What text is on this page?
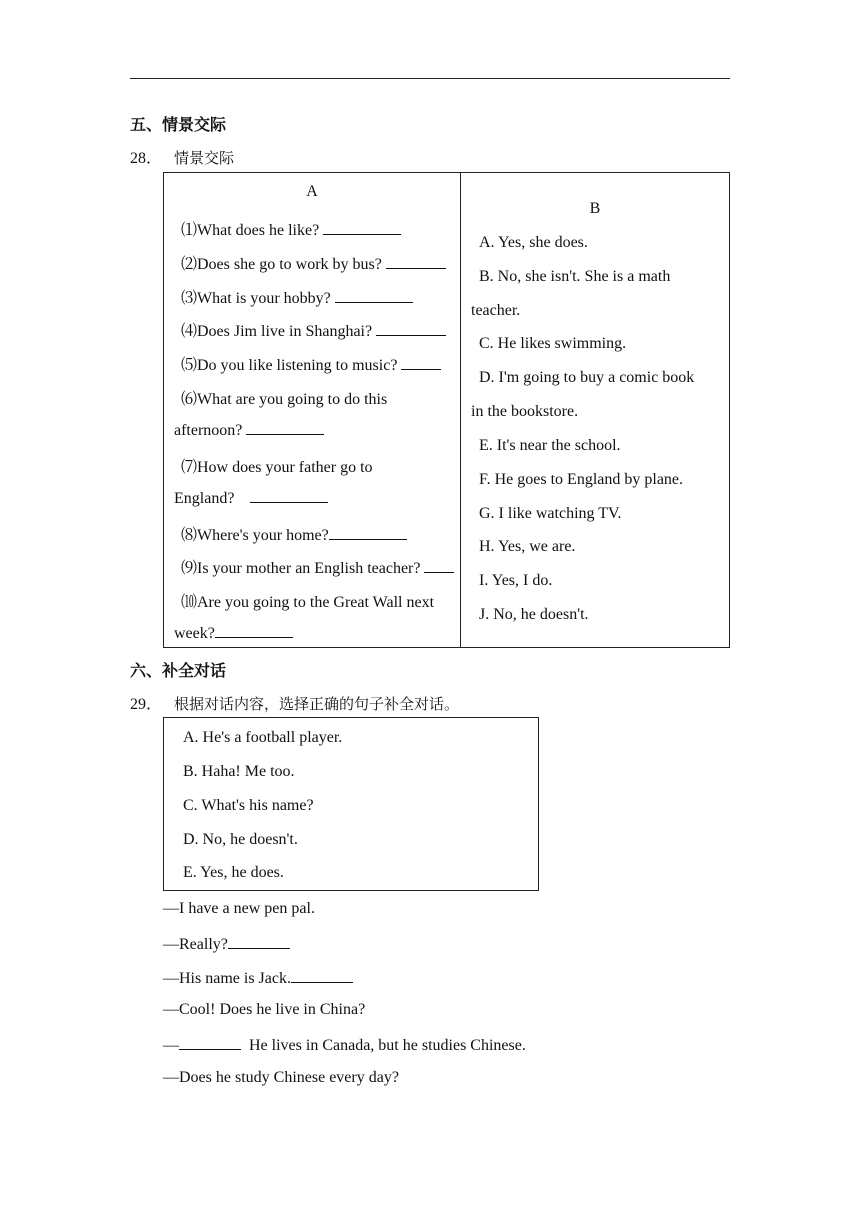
五、情景交际
28． 情景交际
A
⑴What does he like?
⑵Does she go to work by bus?
⑶What is your hobby?
⑷Does Jim live in Shanghai?
⑸Do you like listening to music?
⑹What are you going to do this
afternoon?
⑺How does your father go to
England?
⑻Where's your home?
⑼Is your mother an English teacher?
⑽Are you going to the Great Wall next
week?
B
A. Yes, she does.
B. No, she isn't. She is a math
teacher.
C. He likes swimming.
D. I'm going to buy a comic book
in the bookstore.
E. It's near the school.
F. He goes to England by plane.
G. I like watching TV.
H. Yes, we are.
I. Yes, I do.
J. No, he doesn't.
六、补全对话
29． 根据对话内容，选择正确的句子补全对话。
A. He's a football player.
B. Haha! Me too.
C. What's his name?
D. No, he doesn't.
E. Yes, he does.
—I have a new pen pal.
—Really?
—His name is Jack.
—Cool! Does he live in China?
—	He lives in Canada, but he studies Chinese.
—Does he study Chinese every day?
